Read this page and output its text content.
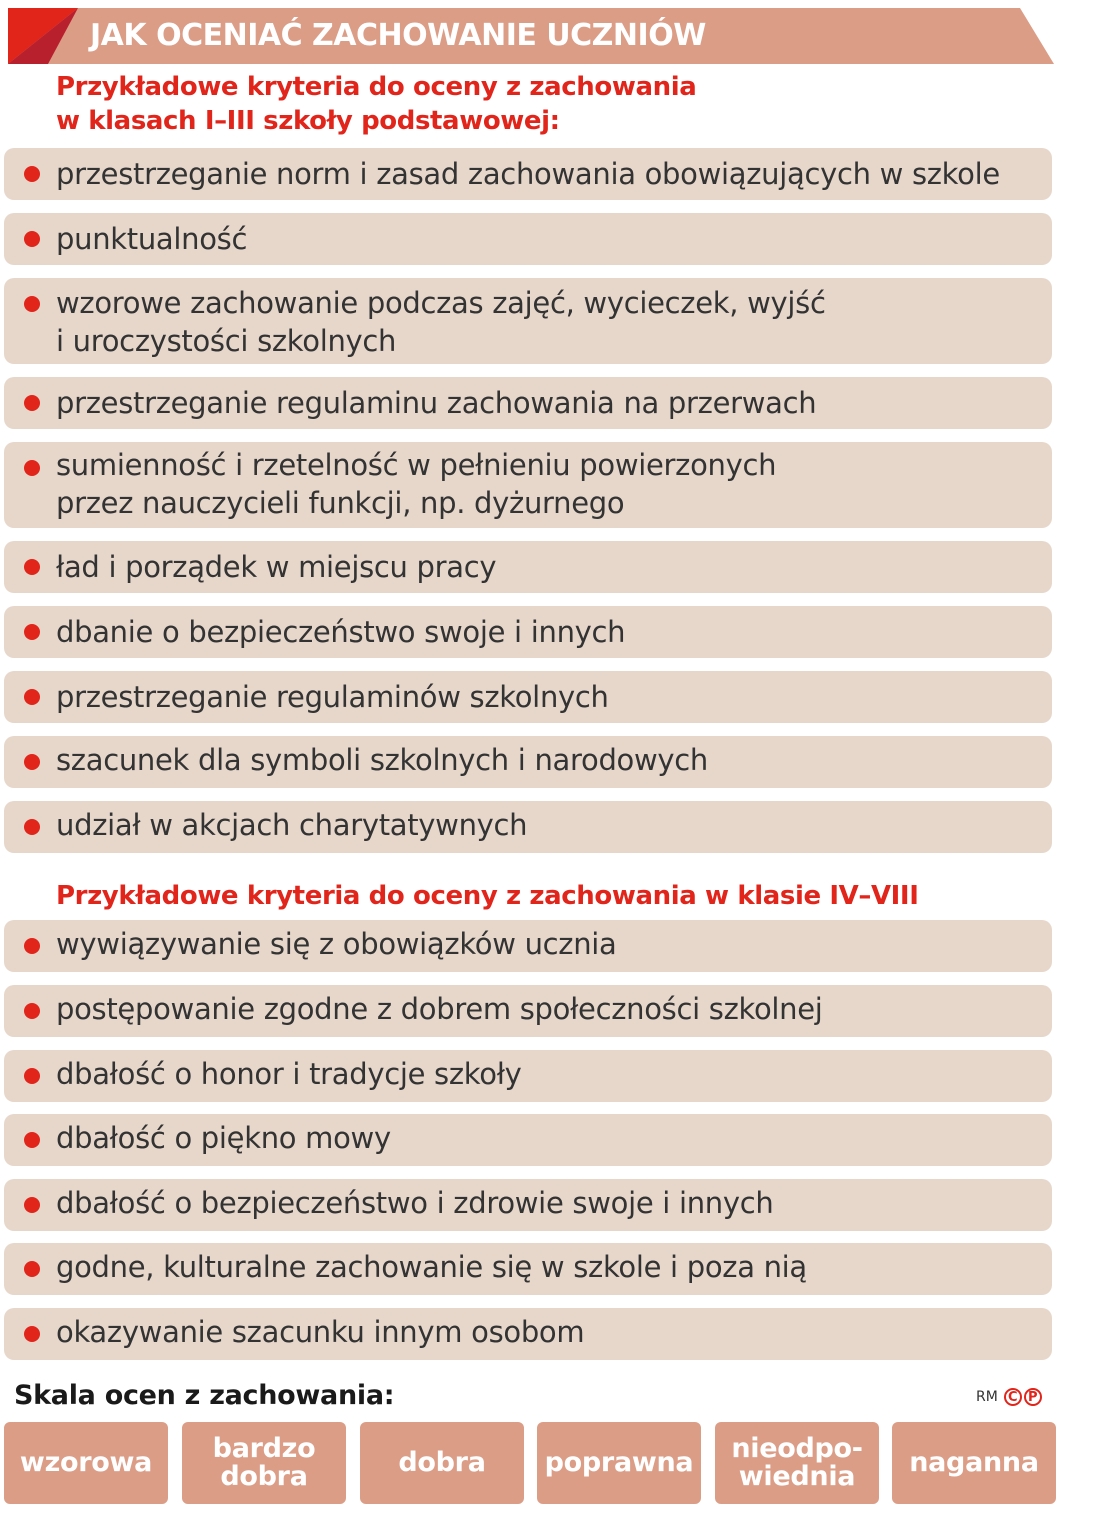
JAK OCENIAĆ ZACHOWANIE UCZNIÓW
Przykładowe kryteria do oceny z zachowania
w klasach I–III szkoły podstawowej:
przestrzeganie norm i zasad zachowania obowiązujących w szkole
punktualność
wzorowe zachowanie podczas zajęć, wycieczek, wyjść
i uroczystości szkolnych
przestrzeganie regulaminu zachowania na przerwach
sumienność i rzetelność w pełnieniu powierzonych
przez nauczycieli funkcji, np. dyżurnego
ład i porządek w miejscu pracy
dbanie o bezpieczeństwo swoje i innych
przestrzeganie regulaminów szkolnych
szacunek dla symboli szkolnych i narodowych
udział w akcjach charytatywnych
Przykładowe kryteria do oceny z zachowania w klasie IV–VIII
wywiązywanie się z obowiązków ucznia
postępowanie zgodne z dobrem społeczności szkolnej
dbałość o honor i tradycje szkoły
dbałość o piękno mowy
dbałość o bezpieczeństwo i zdrowie swoje i innych
godne, kulturalne zachowanie się w szkole i poza nią
okazywanie szacunku innym osobom
Skala ocen z zachowania:	RM C P
wzorowa	bardzo
dobra	dobra	poprawna	nieodpo-
wiednia	naganna
